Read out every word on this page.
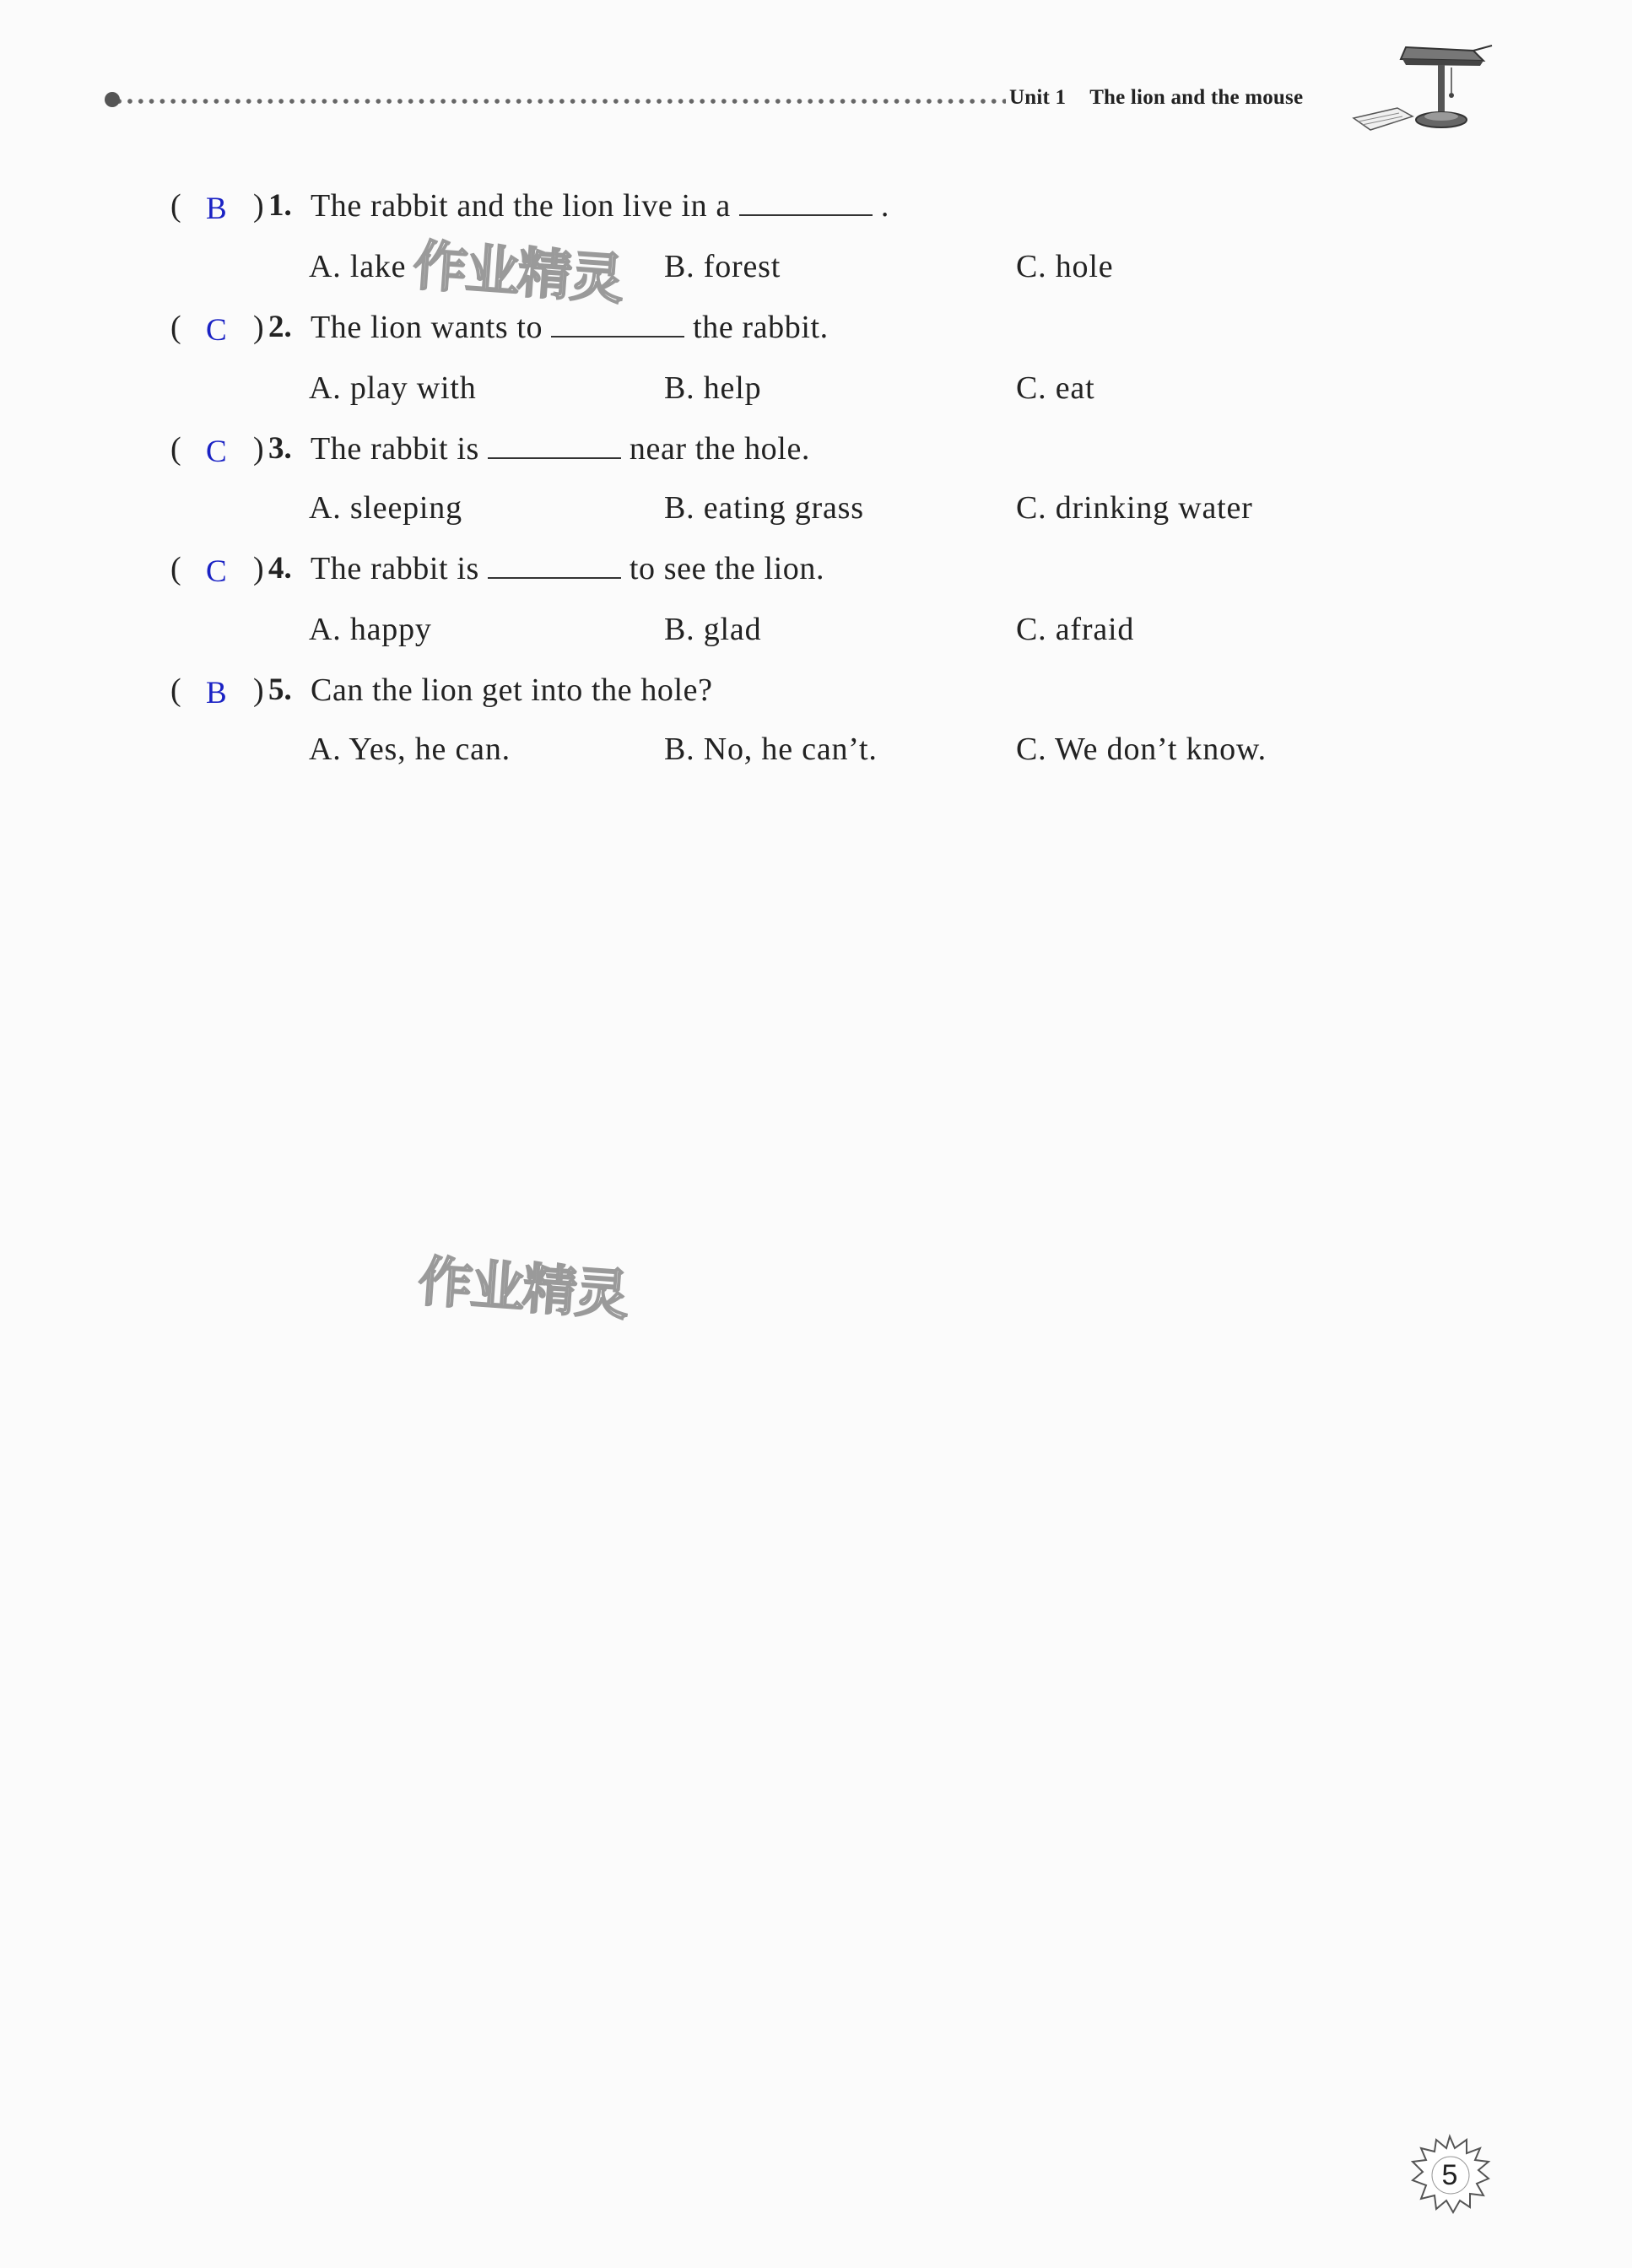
Unit 1 The lion and the mouse
( B ) 1. The rabbit and the lion live in a	.
A. lake	B. forest	C. hole
( C ) 2. The lion wants to	the rabbit.
A. play with	B. help	C. eat
( C ) 3. The rabbit is	near the hole.
A. sleeping	B. eating grass	C. drinking water
( C ) 4. The rabbit is	to see the lion.
A. happy	B. glad	C. afraid
( B ) 5. Can the lion get into the hole?
A. Yes, he can.	B. No, he can’t.	C. We don’t know.
作业精灵
作业精灵
5
